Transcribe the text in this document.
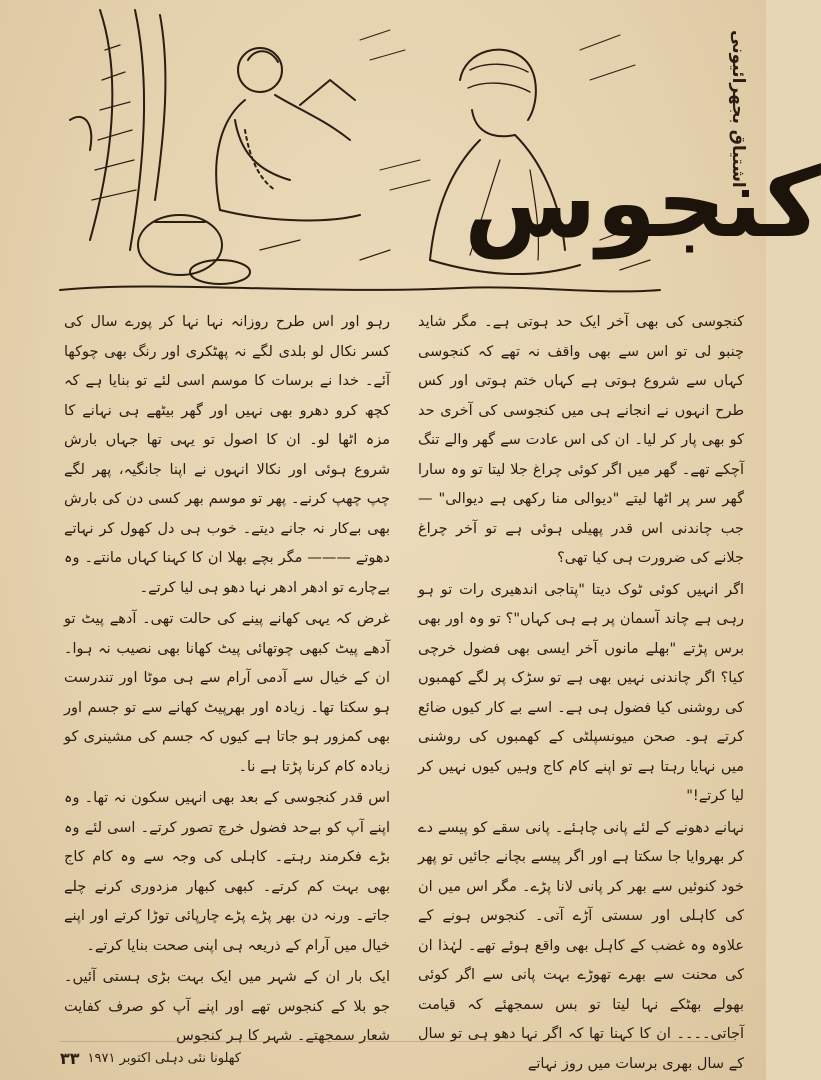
اشتیاق بجھرائیونی
کنجوس

کنجوسی کی بھی آخر ایک حد ہوتی ہے۔ مگر شاید چنبو لی تو اس سے بھی واقف نہ تھے کہ کنجوسی کہاں سے شروع ہوتی ہے کہاں ختم ہوتی اور کس طرح انہوں نے انجانے ہی میں کنجوسی کی آخری حد کو بھی پار کر لیا۔ ان کی اس عادت سے گھر والے تنگ آچکے تھے۔ گھر میں اگر کوئی چراغ جلا لیتا تو وہ سارا گھر سر پر اٹھا لیتے "دیوالی منا رکھی ہے دیوالی" — جب چاندنی اس قدر پھیلی ہوئی ہے تو آخر چراغ جلانے کی ضرورت ہی کیا تھی؟

اگر انہیں کوئی ٹوک دیتا "پتاجی اندھیری رات تو ہو رہی ہے چاند آسمان پر ہے ہی کہاں"؟ تو وہ اور بھی برس پڑتے "بھلے مانوں آخر ایسی بھی فضول خرچی کیا؟ اگر چاندنی نہیں بھی ہے تو سڑک پر لگے کھمبوں کی روشنی کیا فضول ہی ہے۔ اسے بے کار کیوں ضائع کرتے ہو۔ صحن میونسپلٹی کے کھمبوں کی روشنی میں نہایا رہتا ہے تو اپنے کام کاج وہیں کیوں نہیں کر لیا کرتے!"

نہانے دھونے کے لئے پانی چاہئے۔ پانی سقے کو پیسے دے کر بھروایا جا سکتا ہے اور اگر پیسے بچانے جائیں تو پھر خود کنوئیں سے بھر کر پانی لانا پڑے۔ مگر اس میں ان کی کاہلی اور سستی آڑے آتی۔ کنجوس ہونے کے علاوہ وہ غضب کے کاہل بھی واقع ہوئے تھے۔ لہٰذا ان کی محنت سے بھرے تھوڑے بہت پانی سے اگر کوئی بھولے بھٹکے نہا لیتا تو بس سمجھئے کہ قیامت آجاتی۔۔۔۔ ان کا کہنا تھا کہ اگر نہا دھو ہی تو سال کے سال بھری برسات میں روز نہاتے

رہو اور اس طرح روزانہ نہا نہا کر پورے سال کی کسر نکال لو بلدی لگے نہ پھٹکری اور رنگ بھی چوکھا آئے۔ خدا نے برسات کا موسم اسی لئے تو بنایا ہے کہ کچھ کرو دھرو بھی نہیں اور گھر بیٹھے ہی نہانے کا مزہ اٹھا لو۔ ان کا اصول تو یہی تھا جہاں بارش شروع ہوئی اور نکالا انہوں نے اپنا جانگیہ، پھر لگے چپ چھپ کرنے۔ پھر تو موسم بھر کسی دن کی بارش بھی بےکار نہ جانے دیتے۔ خوب ہی دل کھول کر نہاتے دھوتے ——— مگر بچے بھلا ان کا کہنا کہاں مانتے۔ وہ بےچارے تو ادھر ادھر نہا دھو ہی لیا کرتے۔

غرض کہ یہی کھانے پینے کی حالت تھی۔ آدھے پیٹ تو آدھے پیٹ کبھی چوتھائی پیٹ کھانا بھی نصیب نہ ہوا۔ ان کے خیال سے آدمی آرام سے ہی موٹا اور تندرست ہو سکتا تھا۔ زیادہ اور بھرپیٹ کھانے سے تو جسم اور بھی کمزور ہو جاتا ہے کیوں کہ جسم کی مشینری کو زیادہ کام کرنا پڑتا ہے نا۔

اس قدر کنجوسی کے بعد بھی انہیں سکون نہ تھا۔ وہ اپنے آپ کو بےحد فضول خرچ تصور کرتے۔ اسی لئے وہ بڑے فکرمند رہتے۔ کاہلی کی وجہ سے وہ کام کاج بھی بہت کم کرتے۔ کبھی کبھار مزدوری کرنے چلے جاتے۔ ورنہ دن بھر پڑے پڑے چارپائی توڑا کرتے اور اپنے خیال میں آرام کے ذریعہ ہی اپنی صحت بنایا کرتے۔

ایک بار ان کے شہر میں ایک بہت بڑی ہستی آئیں۔ جو بلا کے کنجوس تھے اور اپنے آپ کو صرف کفایت شعار سمجھتے۔ شہر کا ہر کنجوس

کھلونا نئی دہلی اکتوبر ۱۹۷۱
۳۳
